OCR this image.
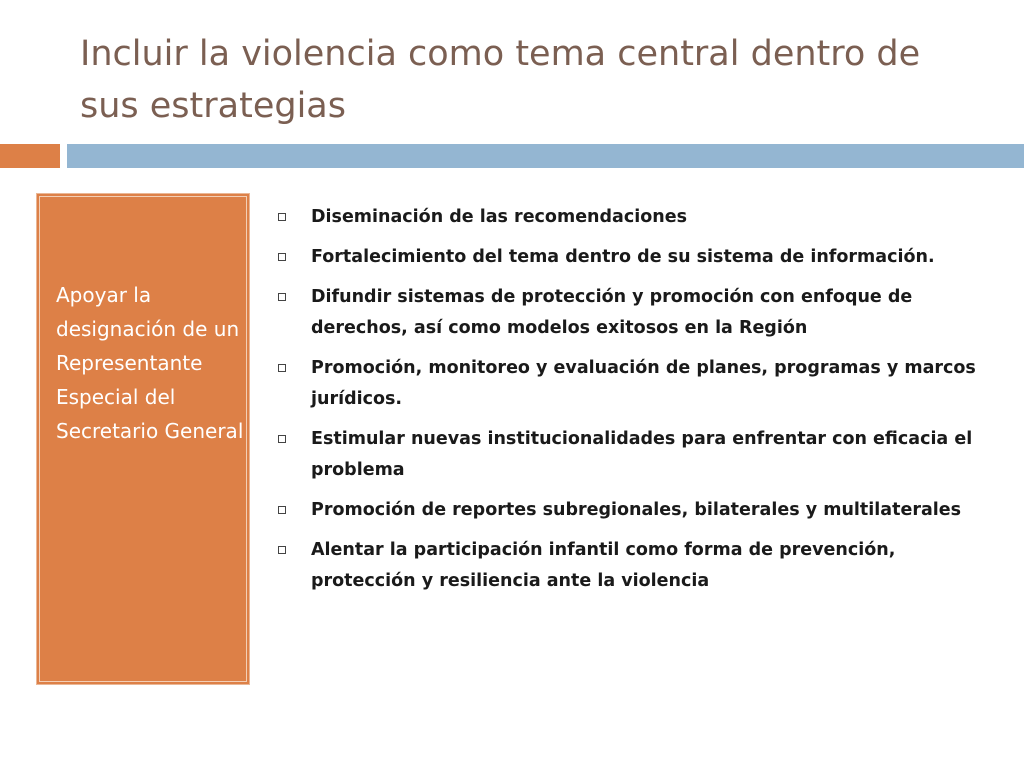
Incluir la violencia como tema central dentro de sus estrategias
Apoyar la designación de un Representante Especial del Secretario General
Diseminación de las recomendaciones
Fortalecimiento del tema dentro de su sistema de información.
Difundir sistemas de protección y promoción con enfoque de derechos, así como modelos exitosos en la Región
Promoción, monitoreo y evaluación de planes, programas y marcos jurídicos.
Estimular nuevas institucionalidades para enfrentar con eficacia el problema
Promoción de reportes subregionales, bilaterales y multilaterales
Alentar la participación infantil como forma de prevención, protección y resiliencia ante la violencia
